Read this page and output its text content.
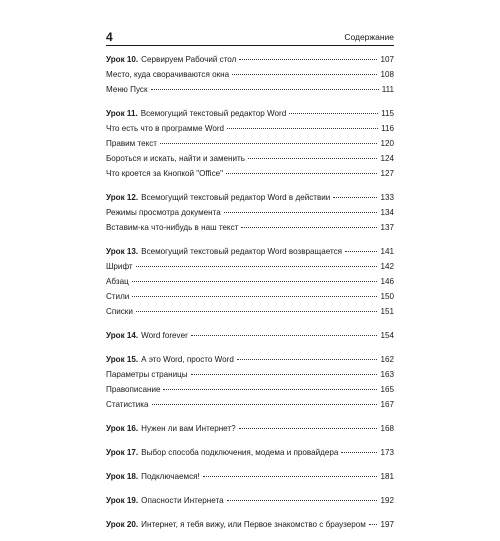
4	Содержание
Урок 10. Сервируем Рабочий стол	107
Место, куда сворачиваются окна	108
Меню Пуск	111
Урок 11. Всемогущий текстовый редактор Word	115
Что есть что в программе Word	116
Правим текст	120
Бороться и искать, найти и заменить	124
Что кроется за Кнопкой "Office"	127
Урок 12. Всемогущий текстовый редактор Word в действии	133
Режимы просмотра документа	134
Вставим-ка что-нибудь в наш текст	137
Урок 13. Всемогущий текстовый редактор Word возвращается	141
Шрифт	142
Абзац	146
Стили	150
Списки	151
Урок 14. Word forever	154
Урок 15. А это Word, просто Word	162
Параметры страницы	163
Правописание	165
Статистика	167
Урок 16. Нужен ли вам Интернет?	168
Урок 17. Выбор способа подключения, модема и провайдера	173
Урок 18. Подключаемся!	181
Урок 19. Опасности Интернета	192
Урок 20. Интернет, я тебя вижу, или Первое знакомство с браузером 197
